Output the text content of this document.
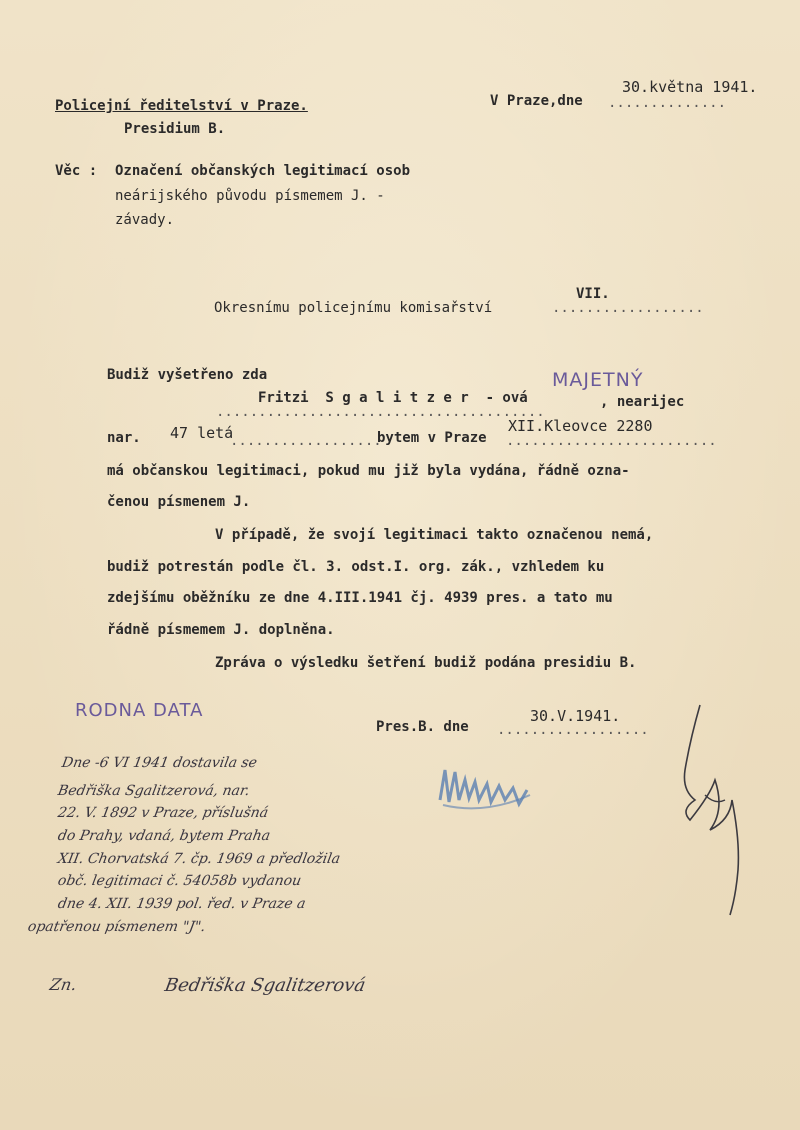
Policejní ředitelství v Praze.
Presidium B.
V Praze,dne ..............
30.května 1941.
Věc : Označení občanských legitimací osob
neárijského původu písmemem J. -
závady.
Okresnímu policejnímu komisařství	..................
VII.
Budiž vyšetřeno zda	MAJETNÝ
.......................................
Fritzi  S g a l i t z e r  - ová	, nearijec
nar. 47 letá
..................
bytem v Praze .........................
XII.Kleovce 2280
má občanskou legitimaci, pokud mu již byla vydána, řádně ozna-
čenou písmenem J.
V případě, že svojí legitimaci takto označenou nemá,
budiž potrestán podle čl. 3. odst.I. org. zák., vzhledem ku
zdejšímu oběžníku ze dne 4.III.1941 čj. 4939 pres. a tato mu
řádně písmemem J. doplněna.
Zpráva o výsledku šetření budiž podána presidiu B.
RODNA DATA
Pres.B. dne ..................
30.V.1941.
Dne -6 VI 1941 dostavila se
Bedřiška Sgalitzerová, nar.
22. V. 1892 v Praze, příslušná
do Prahy, vdaná, bytem Praha
XII. Chorvatská 7. čp. 1969 a předložila
obč. legitimaci č. 54058b vydanou
dne 4. XII. 1939 pol. řed. v Praze a
opatřenou písmenem "J".
Zn.	Bedřiška Sgalitzerová
